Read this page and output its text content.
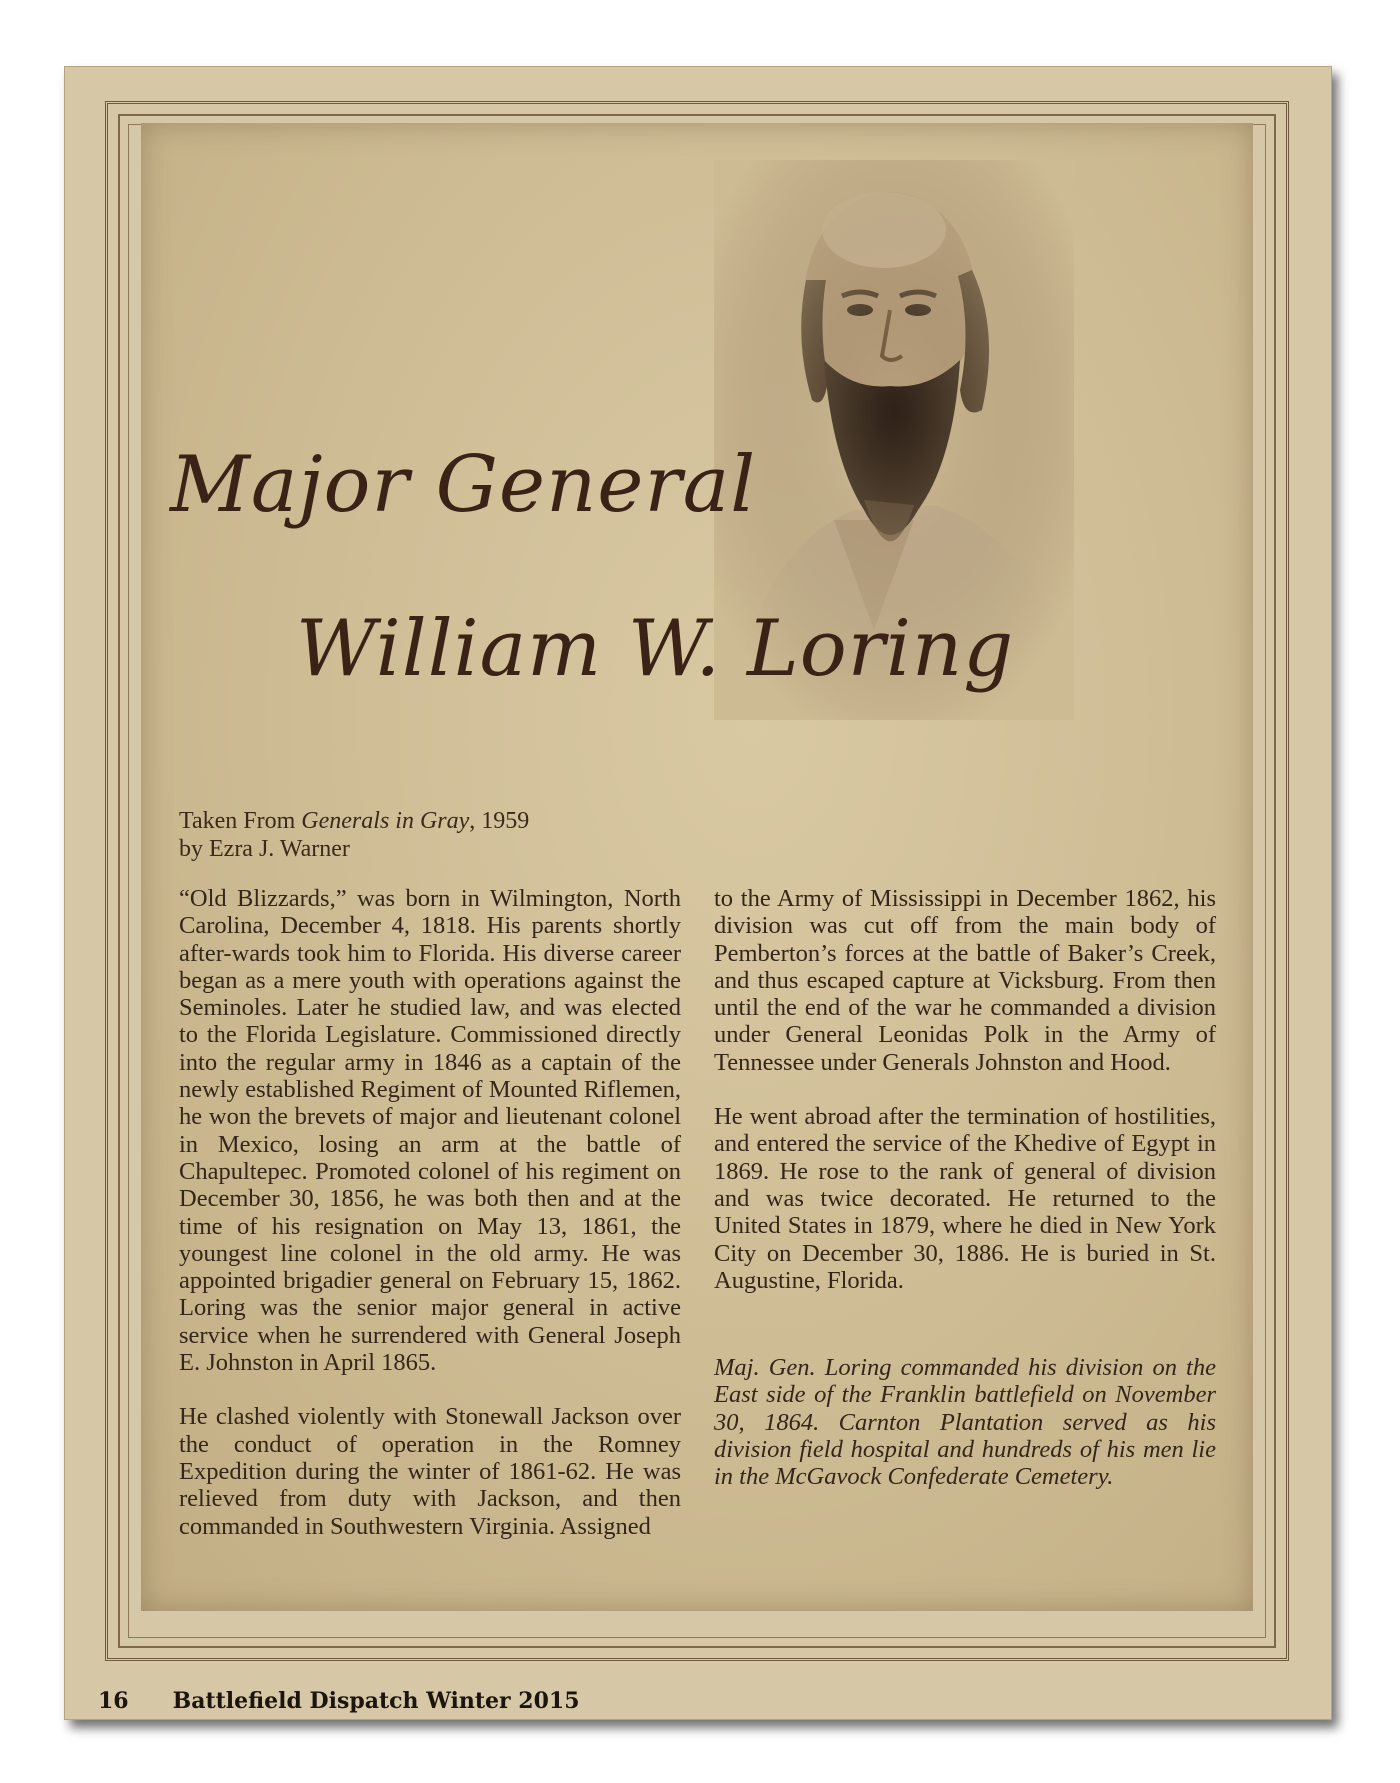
Major General
William W. Loring
Taken From Generals in Gray, 1959
by Ezra J. Warner

“Old Blizzards,” was born in Wilmington, North Carolina, December 4, 1818. His parents shortly after-wards took him to Florida. His diverse career began as a mere youth with operations against the Seminoles. Later he studied law, and was elected to the Florida Legislature. Commissioned directly into the regular army in 1846 as a captain of the newly established Regiment of Mounted Riflemen, he won the brevets of major and lieutenant colonel in Mexico, losing an arm at the battle of Chapultepec. Promoted colonel of his regiment on December 30, 1856, he was both then and at the time of his resignation on May 13, 1861, the youngest line colonel in the old army. He was appointed brigadier general on February 15, 1862. Loring was the senior major general in active service when he surrendered with General Joseph E. Johnston in April 1865.

He clashed violently with Stonewall Jackson over the conduct of operation in the Romney Expedition during the winter of 1861-62. He was relieved from duty with Jackson, and then commanded in Southwestern Virginia. Assigned

to the Army of Mississippi in December 1862, his division was cut off from the main body of Pemberton’s forces at the battle of Baker’s Creek, and thus escaped capture at Vicksburg. From then until the end of the war he commanded a division under General Leonidas Polk in the Army of Tennessee under Generals Johnston and Hood.

He went abroad after the termination of hostilities, and entered the service of the Khedive of Egypt in 1869. He rose to the rank of general of division and was twice decorated. He returned to the United States in 1879, where he died in New York City on December 30, 1886. He is buried in St. Augustine, Florida.

Maj. Gen. Loring commanded his division on the East side of the Franklin battlefield on November 30, 1864. Carnton Plantation served as his division field hospital and hundreds of his men lie in the McGavock Confederate Cemetery.

16 Battlefield Dispatch Winter 2015
